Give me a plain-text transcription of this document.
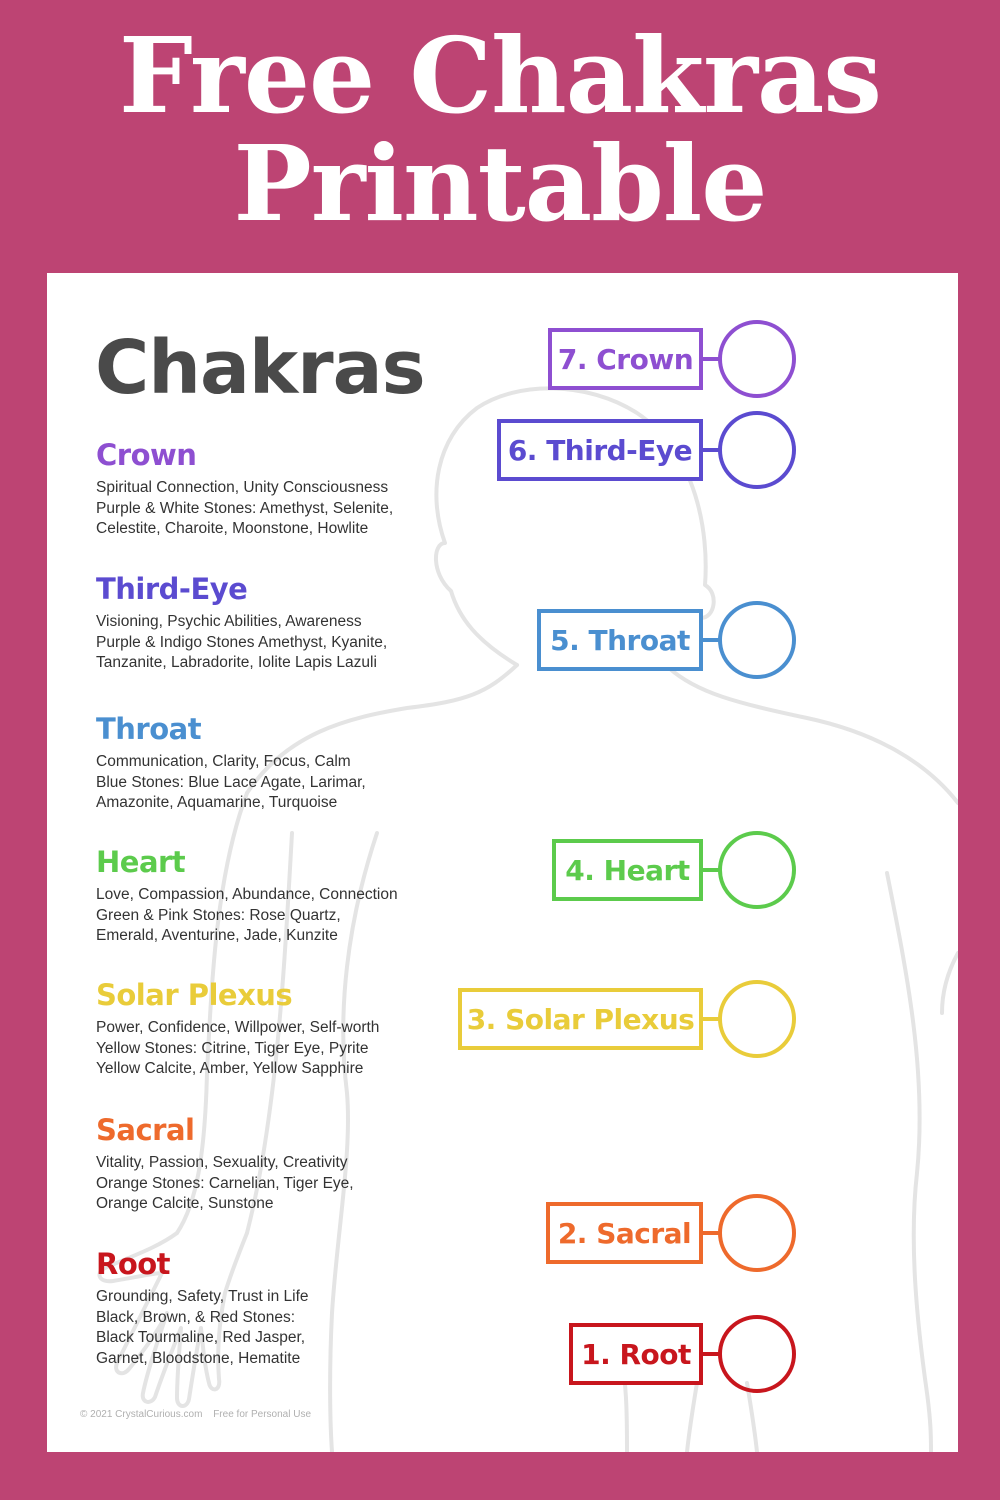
Free Chakras
Printable
Chakras
Crown
Spiritual Connection, Unity Consciousness
Purple & White Stones: Amethyst, Selenite,
Celestite, Charoite, Moonstone, Howlite
Third-Eye
Visioning, Psychic Abilities, Awareness
Purple & Indigo Stones Amethyst, Kyanite,
Tanzanite, Labradorite, Iolite Lapis Lazuli
Throat
Communication, Clarity, Focus, Calm
Blue Stones: Blue Lace Agate, Larimar,
Amazonite, Aquamarine, Turquoise
Heart
Love, Compassion, Abundance, Connection
Green & Pink Stones: Rose Quartz,
Emerald, Aventurine, Jade, Kunzite
Solar Plexus
Power, Confidence, Willpower, Self-worth
Yellow Stones: Citrine, Tiger Eye, Pyrite
Yellow Calcite, Amber, Yellow Sapphire
Sacral
Vitality, Passion, Sexuality, Creativity
Orange Stones: Carnelian, Tiger Eye,
Orange Calcite, Sunstone
Root
Grounding, Safety, Trust in Life
Black, Brown, & Red Stones:
Black Tourmaline, Red Jasper,
Garnet, Bloodstone, Hematite
© 2021 CrystalCurious.com Free for Personal Use
7. Crown
6. Third-Eye
5. Throat
4. Heart
3. Solar Plexus
2. Sacral
1. Root
